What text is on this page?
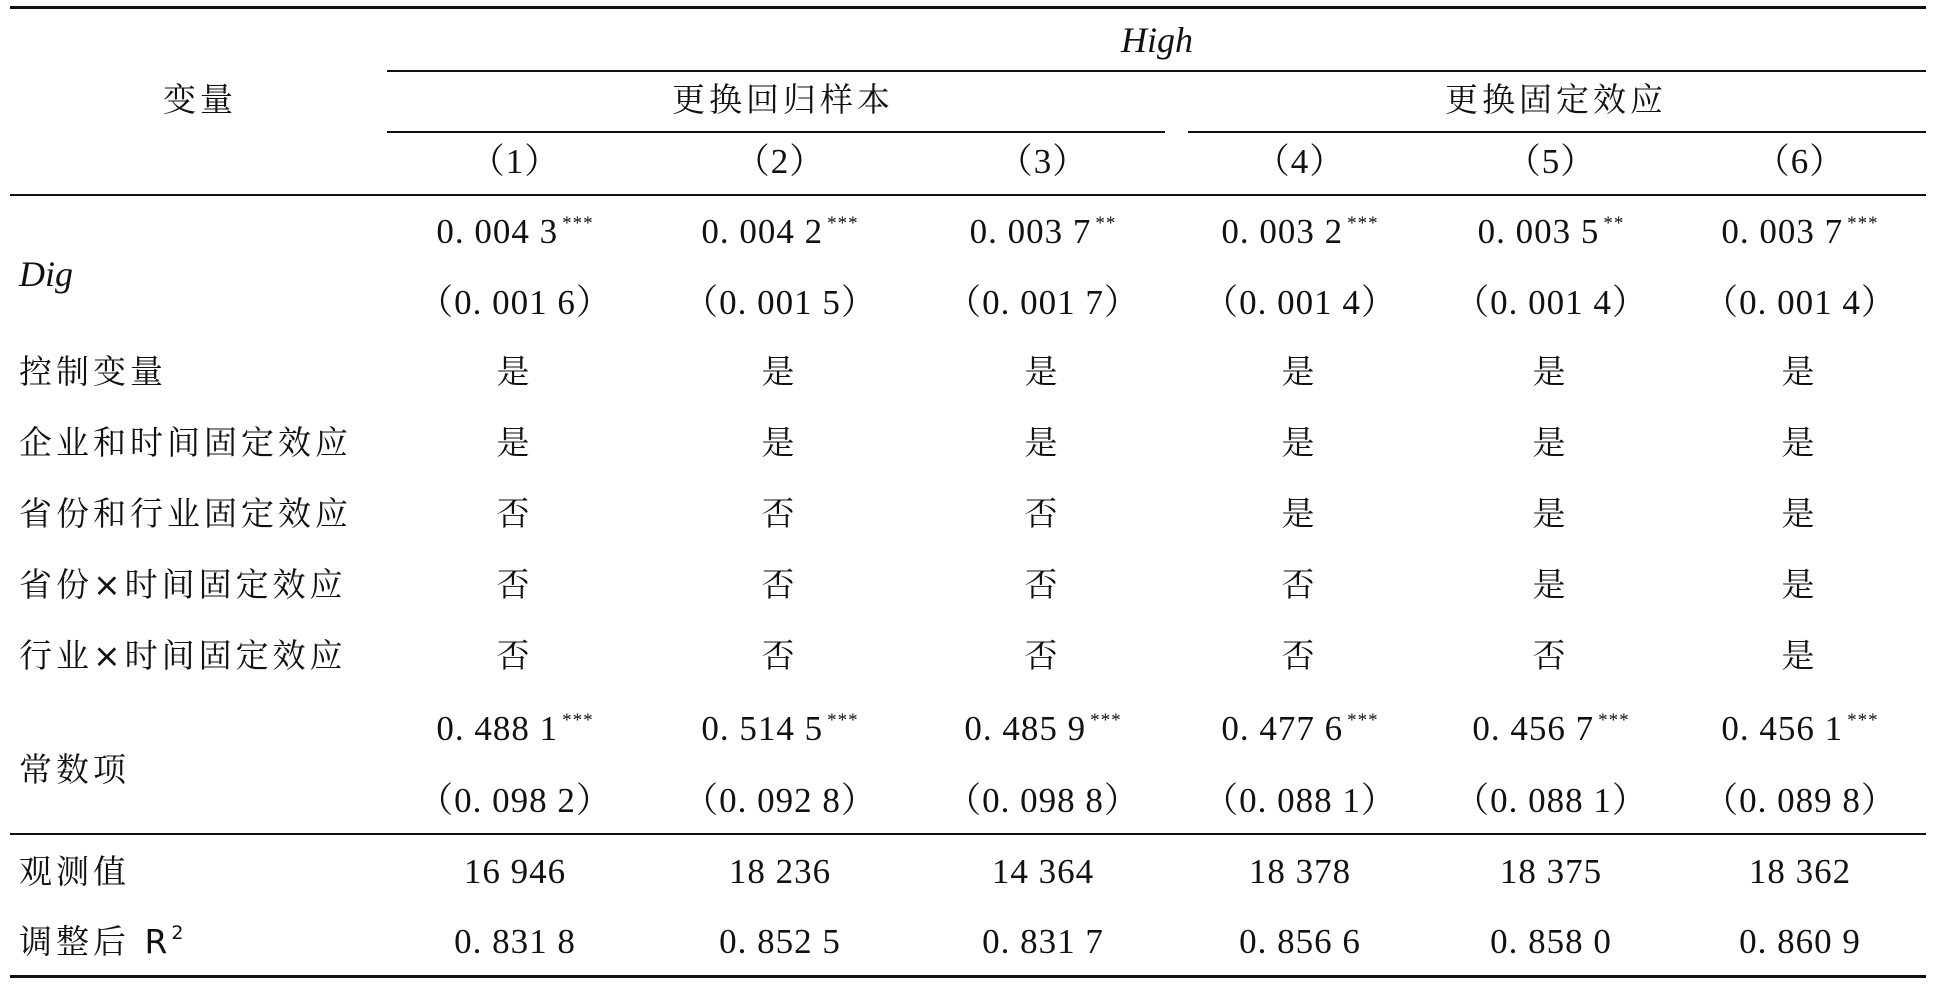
变量
High
更换回归样本	更换固定效应
（1）	（2）	（3）	（4）	（5）	（6）
Dig
0. 004 3 ***	0. 004 2 ***	0. 003 7 **	0. 003 2 ***	0. 003 5 **	0. 003 7 ***
（0. 001 6） （0. 001 5） （0. 001 7） （0. 001 4） （0. 001 4） （0. 001 4）
控制变量	是	是	是	是	是	是
企业和时间固定效应	是	是	是	是	是	是
省份和行业固定效应	否	否	否	是	是	是
省份×时间固定效应	否	否	否	否	是	是
行业×时间固定效应	否	否	否	否	否	是
常数项
0. 488 1 ***	0. 514 5 ***	0. 485 9 ***	0. 477 6 ***	0. 456 7 ***	0. 456 1 ***
（0. 098 2） （0. 092 8） （0. 098 8） （0. 088 1） （0. 088 1） （0. 089 8）
观测值	16 946	18 236	14 364	18 378	18 375	18 362
调整后 $R^2$	0. 831 8	0. 852 5	0. 831 7	0. 856 6	0. 858 0	0. 860 9
